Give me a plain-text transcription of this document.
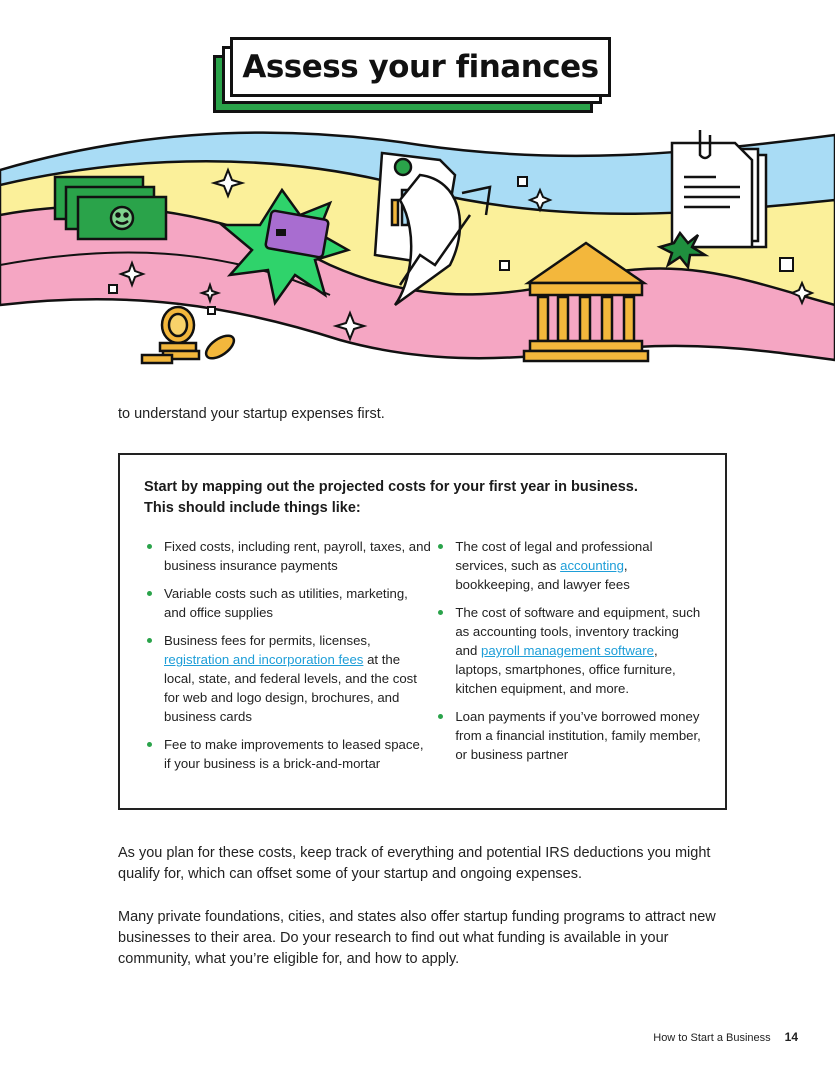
Assess your finances

to understand your startup expenses first.

Start by mapping out the projected costs for your first year in business.
This should include things like:

Fixed costs, including rent, payroll, taxes, and business insurance payments

Variable costs such as utilities, marketing, and office supplies

Business fees for permits, licenses, registration and incorporation fees at the local, state, and federal levels, and the cost for web and logo design, brochures, and business cards

Fee to make improvements to leased space, if your business is a brick-and-mortar

The cost of legal and professional services, such as accounting, bookkeeping, and lawyer fees

The cost of software and equipment, such as accounting tools, inventory tracking and payroll management software, laptops, smartphones, office furniture, kitchen equipment, and more.

Loan payments if you’ve borrowed money from a financial institution, family member, or business partner

As you plan for these costs, keep track of everything and potential IRS deductions you might qualify for, which can offset some of your startup and ongoing expenses.

Many private foundations, cities, and states also offer startup funding programs to attract new businesses to their area. Do your research to find out what funding is available in your community, what you’re eligible for, and how to apply.

How to Start a Business 14
